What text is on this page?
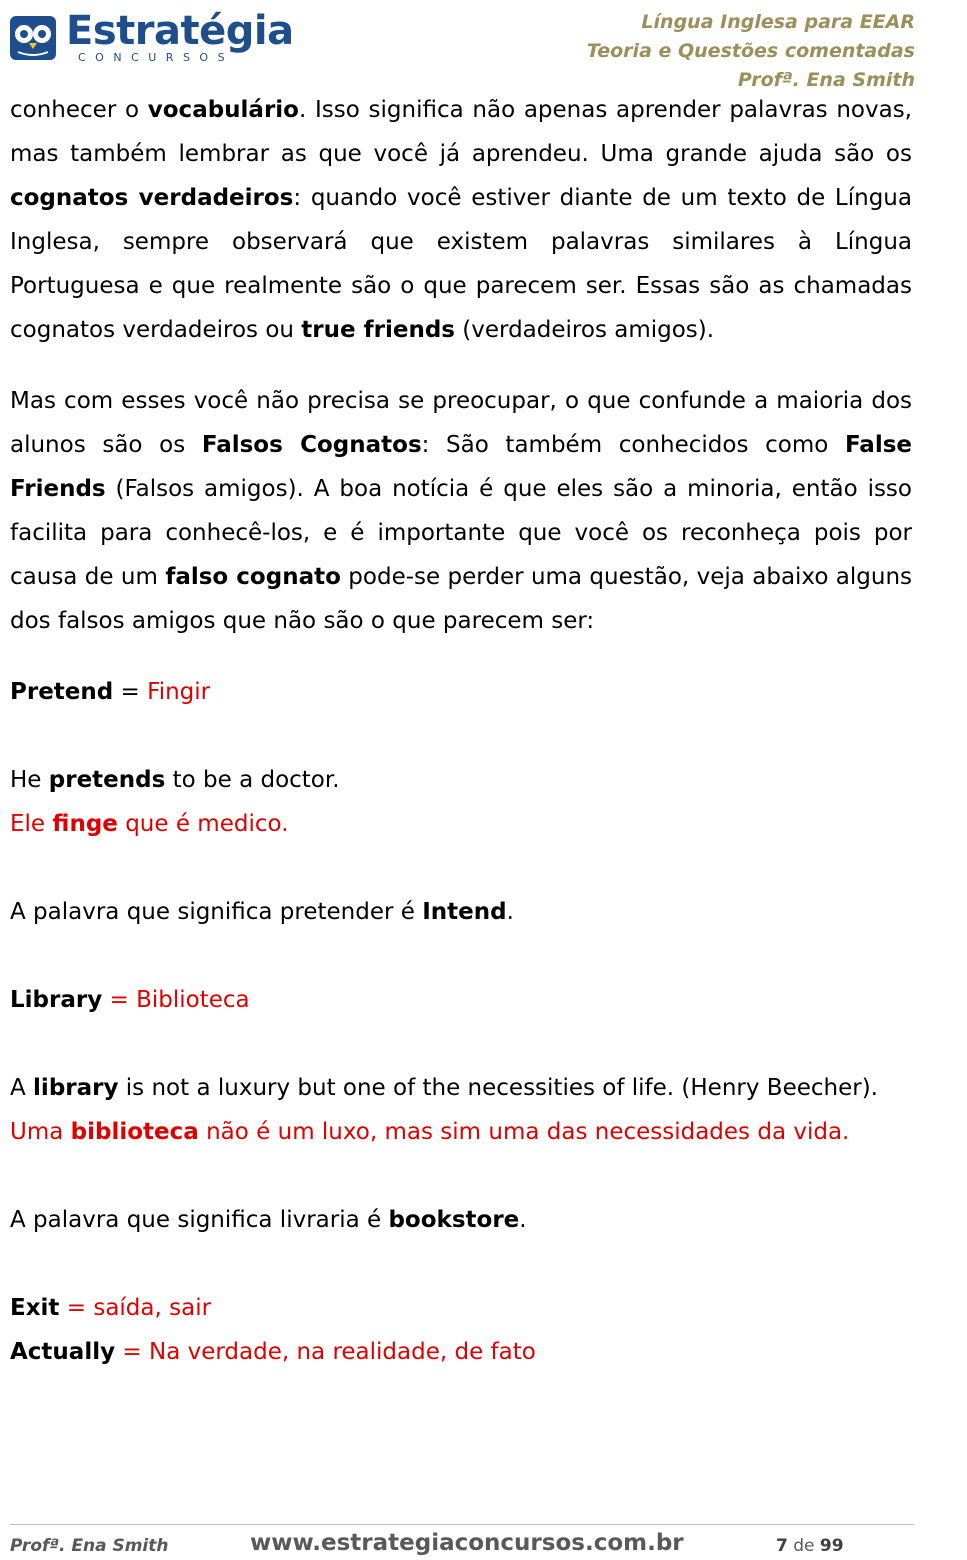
Estratégia
CONCURSOS
Língua Inglesa para EEAR
Teoria e Questões comentadas
Profª. Ena Smith

conhecer o vocabulário. Isso significa não apenas aprender palavras novas, mas também lembrar as que você já aprendeu. Uma grande ajuda são os cognatos verdadeiros: quando você estiver diante de um texto de Língua Inglesa, sempre observará que existem palavras similares à Língua Portuguesa e que realmente são o que parecem ser. Essas são as chamadas cognatos verdadeiros ou true friends (verdadeiros amigos).

Mas com esses você não precisa se preocupar, o que confunde a maioria dos alunos são os Falsos Cognatos: São também conhecidos como False Friends (Falsos amigos). A boa notícia é que eles são a minoria, então isso facilita para conhecê-los, e é importante que você os reconheça pois por causa de um falso cognato pode-se perder uma questão, veja abaixo alguns dos falsos amigos que não são o que parecem ser:

Pretend = Fingir

He pretends to be a doctor.

Ele finge que é medico.

A palavra que significa pretender é Intend.

Library = Biblioteca

A library is not a luxury but one of the necessities of life. (Henry Beecher).

Uma biblioteca não é um luxo, mas sim uma das necessidades da vida.

A palavra que significa livraria é bookstore.

Exit = saída, sair

Actually = Na verdade, na realidade, de fato

Profª. Ena Smith	www.estrategiaconcursos.com.br	7 de 99
